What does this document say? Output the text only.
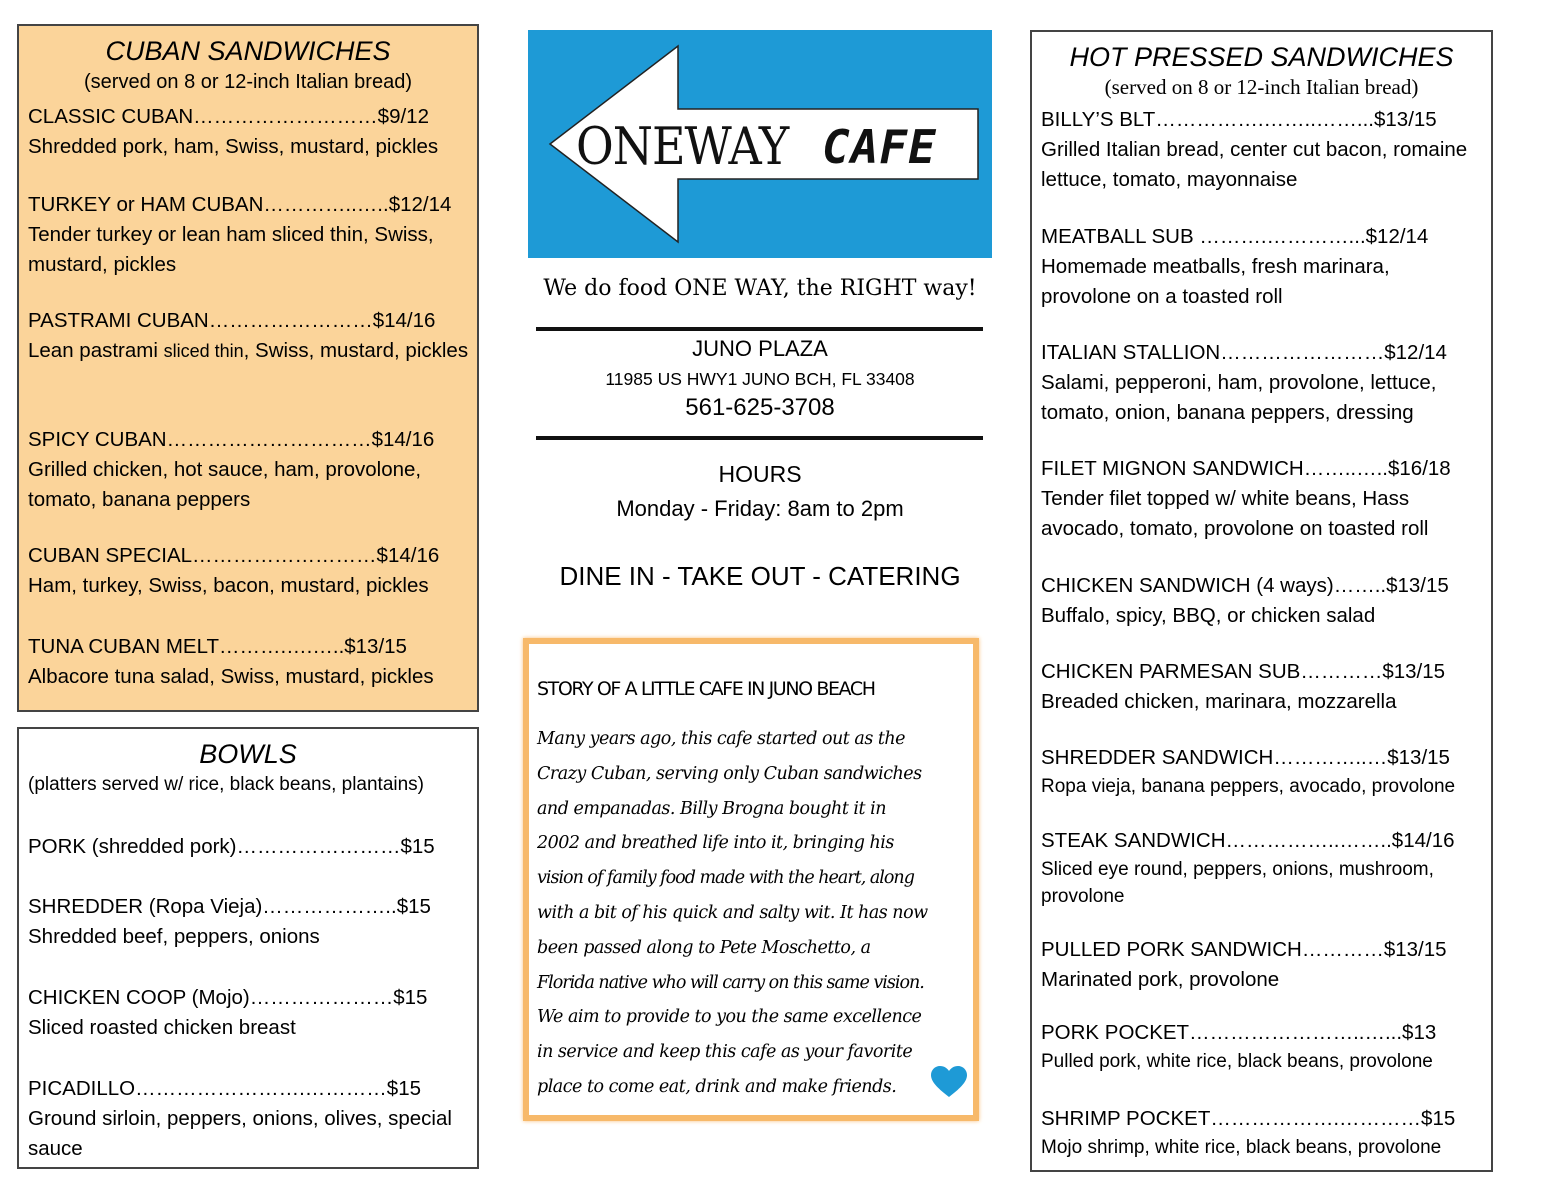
CUBAN SANDWICHES
(served on 8 or 12-inch Italian bread)
CLASSIC CUBAN………………………$9/12
Shredded pork, ham, Swiss, mustard, pickles
TURKEY or HAM CUBAN…………..…..$12/14
Tender turkey or lean ham sliced thin, Swiss, mustard, pickles
PASTRAMI CUBAN……………………$14/16
Lean pastrami sliced thin, Swiss, mustard, pickles
SPICY CUBAN…………………………$14/16
Grilled chicken, hot sauce, ham, provolone, tomato, banana peppers
CUBAN SPECIAL………………………$14/16
Ham, turkey, Swiss, bacon, mustard, pickles
TUNA CUBAN MELT……….….…..$13/15
Albacore tuna salad, Swiss, mustard, pickles
BOWLS
(platters served w/ rice, black beans, plantains)
PORK (shredded pork)……………………$15
SHREDDER (Ropa Vieja)………………..$15
Shredded beef, peppers, onions
CHICKEN COOP (Mojo)…………………$15
Sliced roasted chicken breast
PICADILLO…………………….…………$15
Ground sirloin, peppers, onions, olives, special sauce
ONEWAY CAFE
We do food ONE WAY, the RIGHT way!
JUNO PLAZA
11985 US HWY1 JUNO BCH, FL 33408
561-625-3708
HOURS
Monday - Friday: 8am to 2pm
DINE IN - TAKE OUT - CATERING
STORY OF A LITTLE CAFE IN JUNO BEACH
Many years ago, this cafe started out as the
Crazy Cuban, serving only Cuban sandwiches
and empanadas. Billy Brogna bought it in
2002 and breathed life into it, bringing his
vision of family food made with the heart, along
with a bit of his quick and salty wit. It has now
been passed along to Pete Moschetto, a
Florida native who will carry on this same vision.
We aim to provide to you the same excellence
in service and keep this cafe as your favorite
place to come eat, drink and make friends.
HOT PRESSED SANDWICHES
(served on 8 or 12-inch Italian bread)
BILLY’S BLT…………….……..……...$13/15
Grilled Italian bread, center cut bacon, romaine lettuce, tomato, mayonnaise
MEATBALL SUB ……….…………...$12/14
Homemade meatballs, fresh marinara, provolone on a toasted roll
ITALIAN STALLION……………………$12/14
Salami, pepperoni, ham, provolone, lettuce, tomato, onion, banana peppers, dressing
FILET MIGNON SANDWICH……..…..$16/18
Tender filet topped w/ white beans, Hass avocado, tomato, provolone on toasted roll
CHICKEN SANDWICH (4 ways)……..$13/15
Buffalo, spicy, BBQ, or chicken salad
CHICKEN PARMESAN SUB…………$13/15
Breaded chicken, marinara, mozzarella
SHREDDER SANDWICH…………..…$13/15
Ropa vieja, banana peppers, avocado, provolone
STEAK SANDWICH……………..……..$14/16
Sliced eye round, peppers, onions, mushroom, provolone
PULLED PORK SANDWICH…………$13/15
Marinated pork, provolone
PORK POCKET……………………..…...$13
Pulled pork, white rice, black beans, provolone
SHRIMP POCKET……………….…………$15
Mojo shrimp, white rice, black beans, provolone
